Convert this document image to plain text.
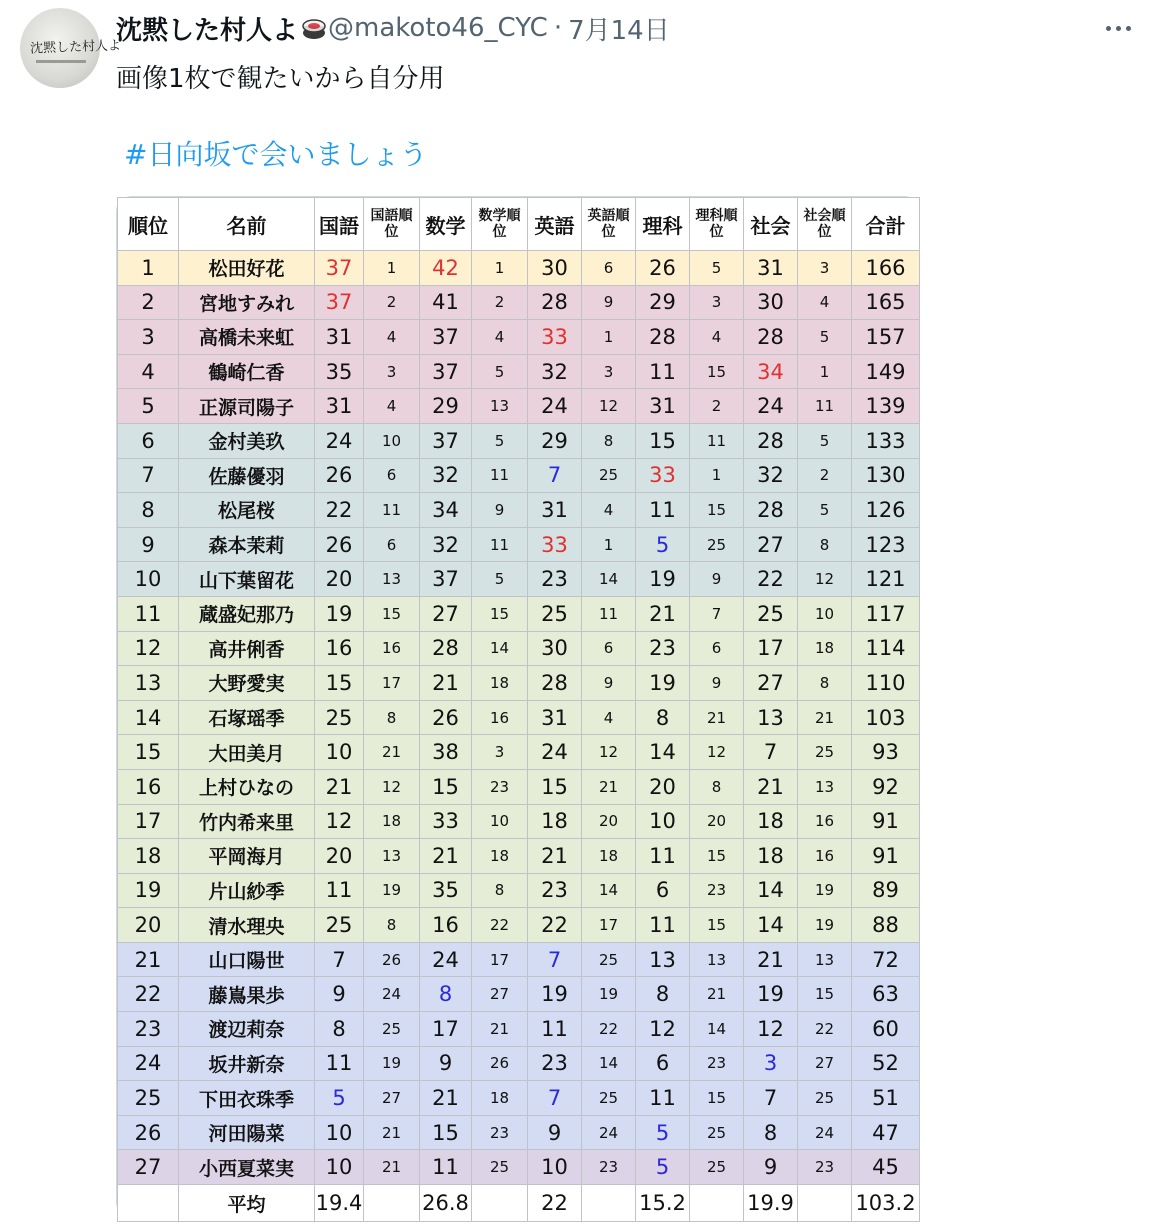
沈黙した村人よ
沈黙した村人よ @makoto46_CYC · 7月14日
画像1枚で観たいから自分用
#日向坂で会いましょう
順位	名前	国語	国語順位	数学	数学順位	英語	英語順位	理科	理科順位	社会	社会順位	合計
1	松田好花	37	1	42	1	30	6	26	5	31	3	166
2	宮地すみれ	37	2	41	2	28	9	29	3	30	4	165
3	高橋未来虹	31	4	37	4	33	1	28	4	28	5	157
4	鶴崎仁香	35	3	37	5	32	3	11	15	34	1	149
5	正源司陽子	31	4	29	13	24	12	31	2	24	11	139
6	金村美玖	24	10	37	5	29	8	15	11	28	5	133
7	佐藤優羽	26	6	32	11	7	25	33	1	32	2	130
8	松尾桜	22	11	34	9	31	4	11	15	28	5	126
9	森本茉莉	26	6	32	11	33	1	5	25	27	8	123
10	山下葉留花	20	13	37	5	23	14	19	9	22	12	121
11	蔵盛妃那乃	19	15	27	15	25	11	21	7	25	10	117
12	高井俐香	16	16	28	14	30	6	23	6	17	18	114
13	大野愛実	15	17	21	18	28	9	19	9	27	8	110
14	石塚瑶季	25	8	26	16	31	4	8	21	13	21	103
15	大田美月	10	21	38	3	24	12	14	12	7	25	93
16	上村ひなの	21	12	15	23	15	21	20	8	21	13	92
17	竹内希来里	12	18	33	10	18	20	10	20	18	16	91
18	平岡海月	20	13	21	18	21	18	11	15	18	16	91
19	片山紗季	11	19	35	8	23	14	6	23	14	19	89
20	清水理央	25	8	16	22	22	17	11	15	14	19	88
21	山口陽世	7	26	24	17	7	25	13	13	21	13	72
22	藤嶌果歩	9	24	8	27	19	19	8	21	19	15	63
23	渡辺莉奈	8	25	17	21	11	22	12	14	12	22	60
24	坂井新奈	11	19	9	26	23	14	6	23	3	27	52
25	下田衣珠季	5	27	21	18	7	25	11	15	7	25	51
26	河田陽菜	10	21	15	23	9	24	5	25	8	24	47
27	小西夏菜実	10	21	11	25	10	23	5	25	9	23	45
	平均	19.4		26.8		22		15.2		19.9		103.2
